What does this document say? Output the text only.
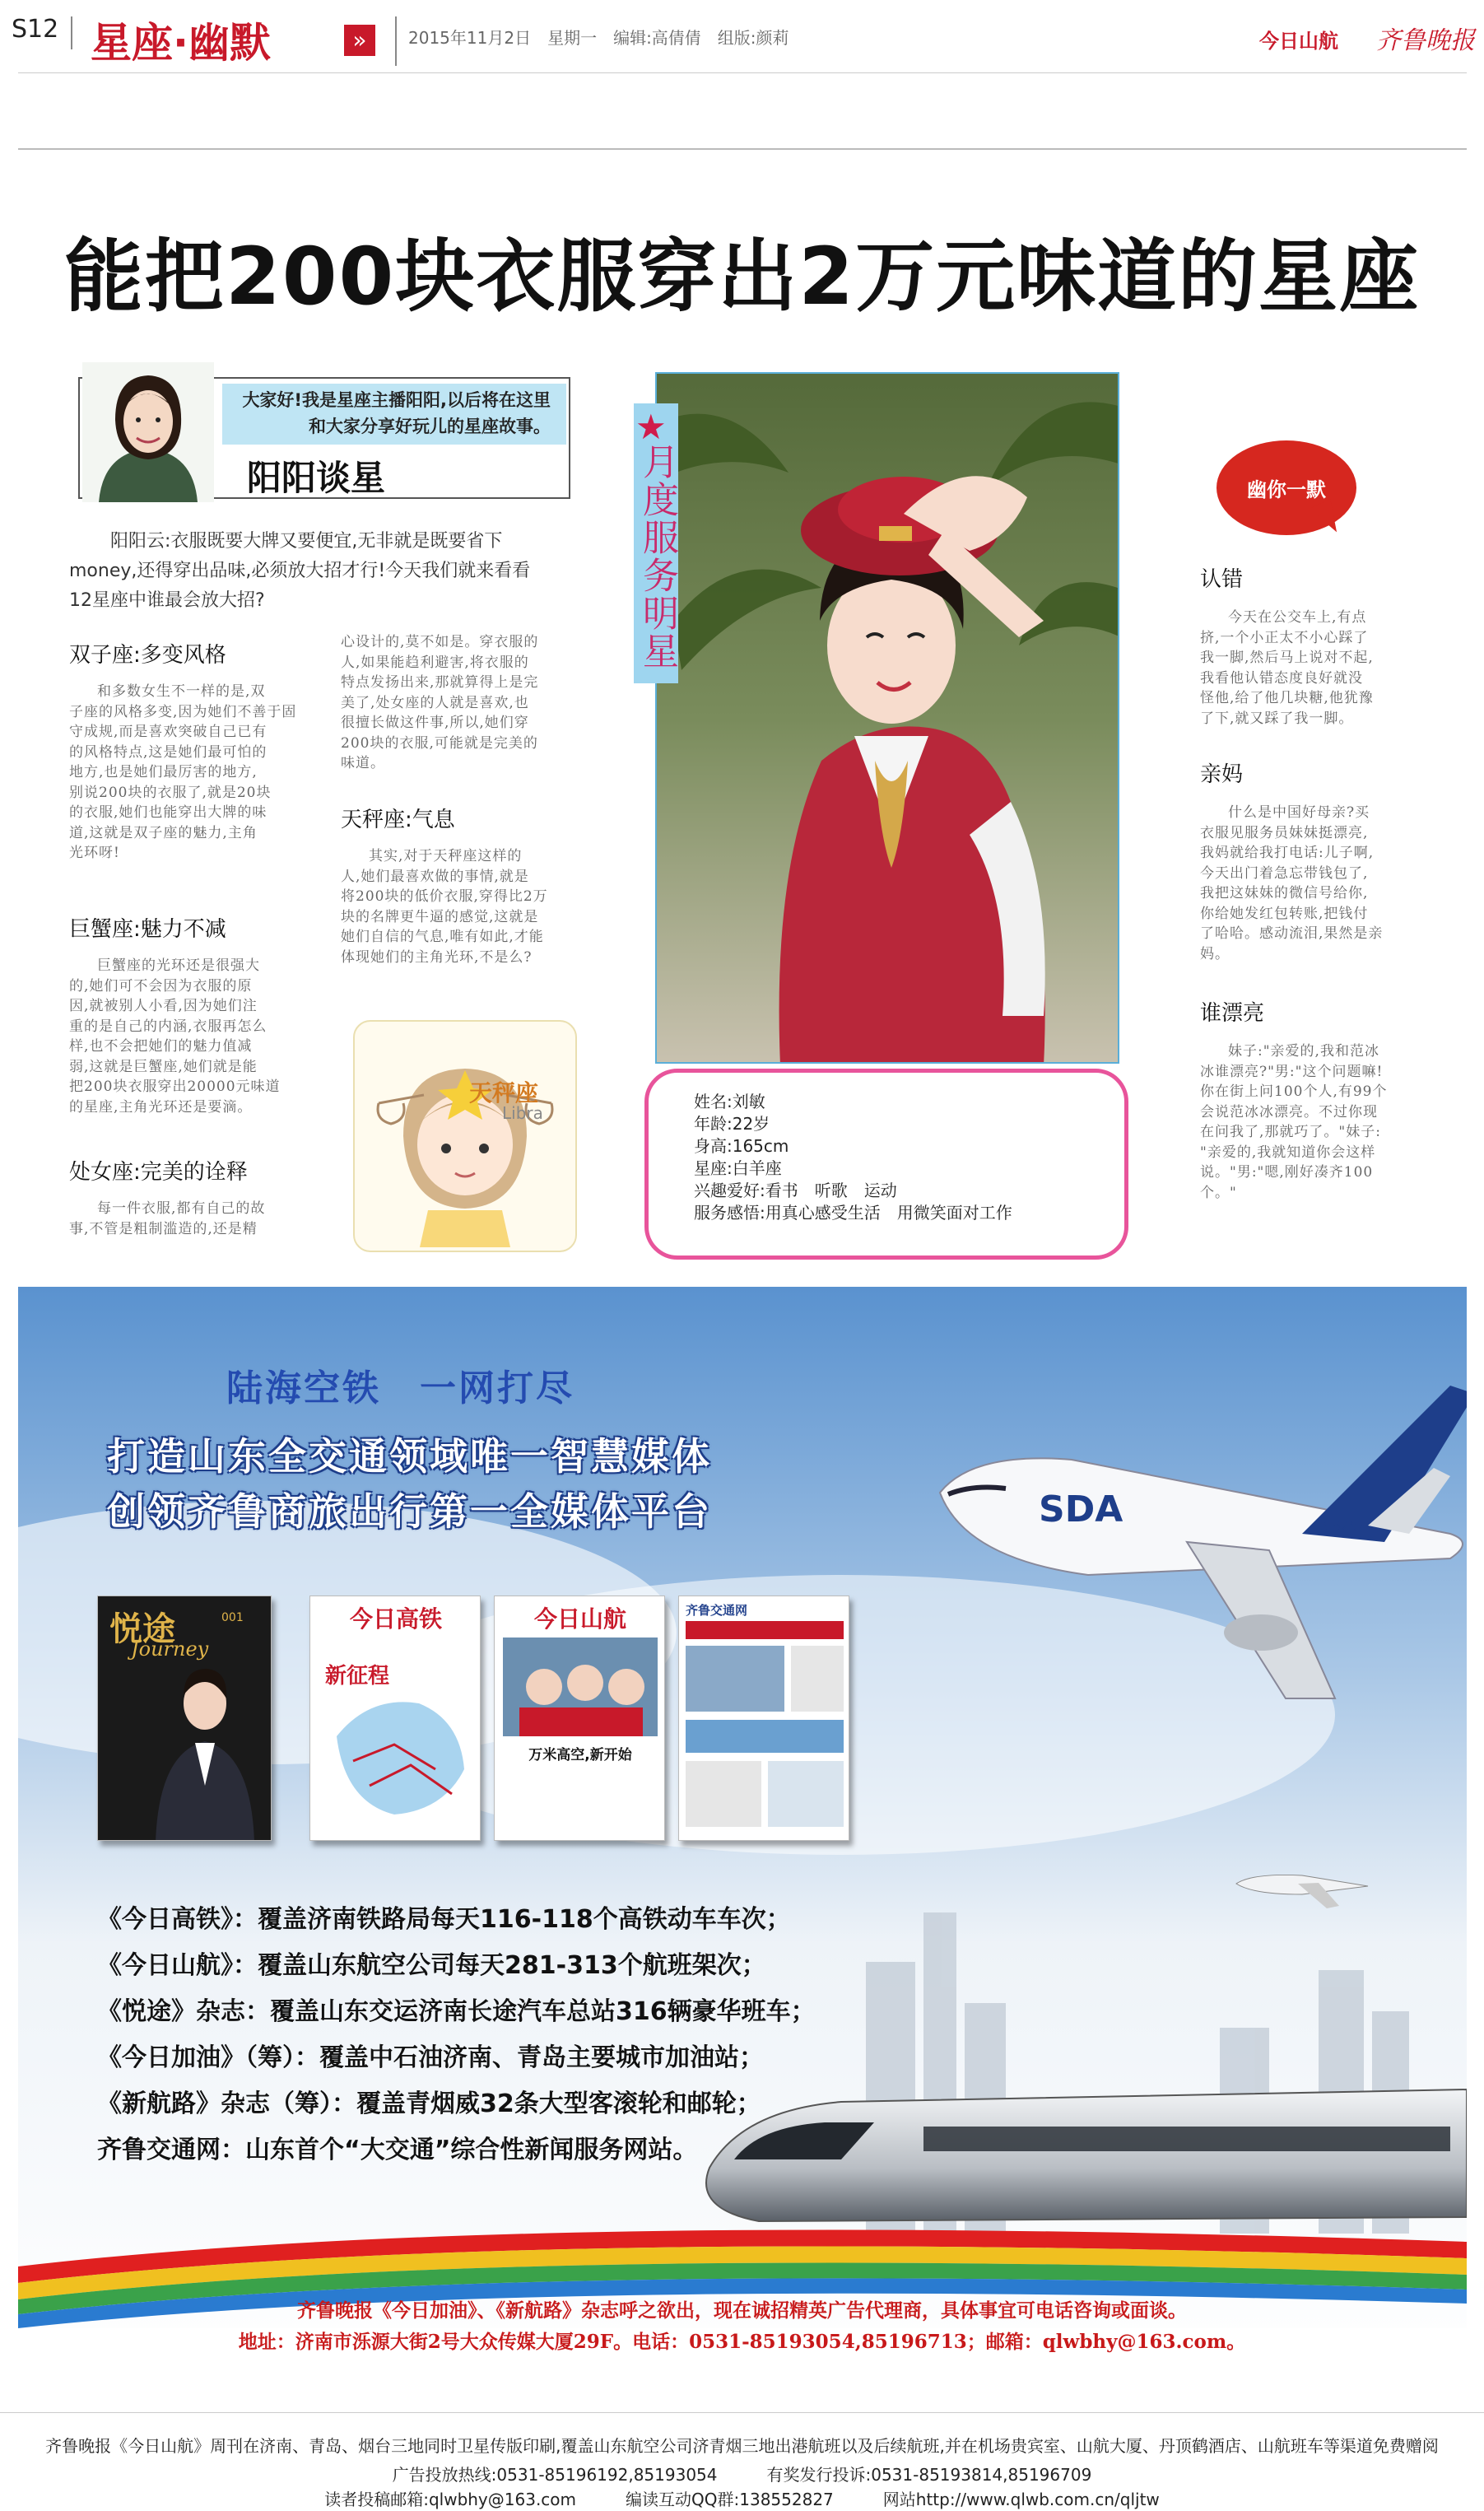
S12 星座·幽默	»	2015年11月2日　星期一　编辑:高倩倩　组版:颜莉	今日山航 齐鲁晚报
能把200块衣服穿出2万元味道的星座
大家好!我是星座主播阳阳,以后将在这里
和大家分享好玩儿的星座故事。
阳阳谈星
阳阳云:衣服既要大牌又要便宜,无非就是既要省下
money,还得穿出品味,必须放大招才行!今天我们就来看看
12星座中谁最会放大招?
双子座:多变风格
和多数女生不一样的是,双
子座的风格多变,因为她们不善于固
守成规,而是喜欢突破自己已有
的风格特点,这是她们最可怕的
地方,也是她们最厉害的地方,
别说200块的衣服了,就是20块
的衣服,她们也能穿出大牌的味
道,这就是双子座的魅力,主角
光环呀!
巨蟹座:魅力不减
巨蟹座的光环还是很强大
的,她们可不会因为衣服的原
因,就被别人小看,因为她们注
重的是自己的内涵,衣服再怎么
样,也不会把她们的魅力值减
弱,这就是巨蟹座,她们就是能
把200块衣服穿出20000元味道
的星座,主角光环还是要滴。
处女座:完美的诠释
每一件衣服,都有自己的故
事,不管是粗制滥造的,还是精
心设计的,莫不如是。穿衣服的
人,如果能趋利避害,将衣服的
特点发扬出来,那就算得上是完
美了,处女座的人就是喜欢,也
很擅长做这件事,所以,她们穿
200块的衣服,可能就是完美的
味道。
天秤座:气息
其实,对于天秤座这样的
人,她们最喜欢做的事情,就是
将200块的低价衣服,穿得比2万
块的名牌更牛逼的感觉,这就是
她们自信的气息,唯有如此,才能
体现她们的主角光环,不是么?
天秤座
Libra
★
月度服务明星
姓名:刘敏
年龄:22岁
身高:165cm
星座:白羊座
兴趣爱好:看书　听歌　运动
服务感悟:用真心感受生活　用微笑面对工作
幽你一默
认错
今天在公交车上,有点
挤,一个小正太不小心踩了
我一脚,然后马上说对不起,
我看他认错态度良好就没
怪他,给了他几块糖,他犹豫
了下,就又踩了我一脚。
亲妈
什么是中国好母亲?买
衣服见服务员妹妹挺漂亮,
我妈就给我打电话:儿子啊,
今天出门着急忘带钱包了,
我把这妹妹的微信号给你,
你给她发红包转账,把钱付
了哈哈。感动流泪,果然是亲
妈。
谁漂亮
妹子:"亲爱的,我和范冰
冰谁漂亮?"男:"这个问题嘛!
你在街上问100个人,有99个
会说范冰冰漂亮。不过你现
在问我了,那就巧了。"妹子:
"亲爱的,我就知道你会这样
说。"男:"嗯,刚好凑齐100
个。"
SDA	B-5267
陆海空铁　一网打尽
打造山东全交通领域唯一智慧媒体
创领齐鲁商旅出行第一全媒体平台
悦途
Journey
001	今日高铁
新征程
今日山航
万米高空,新开始
齐鲁交通网
《今日高铁》：覆盖济南铁路局每天116-118个高铁动车车次；
《今日山航》：覆盖山东航空公司每天281-313个航班架次；
《悦途》杂志：覆盖山东交运济南长途汽车总站316辆豪华班车；
《今日加油》（筹）：覆盖中石油济南、青岛主要城市加油站；
《新航路》杂志（筹）：覆盖青烟威32条大型客滚轮和邮轮；
齐鲁交通网：山东首个“大交通”综合性新闻服务网站。
齐鲁晚报《今日加油》、《新航路》杂志呼之欲出，现在诚招精英广告代理商，具体事宜可电话咨询或面谈。
地址：济南市泺源大街2号大众传媒大厦29F。电话：0531-85193054,85196713；邮箱：qlwbhy@163.com。
齐鲁晚报《今日山航》周刊在济南、青岛、烟台三地同时卫星传版印刷,覆盖山东航空公司济青烟三地出港航班以及后续航班,并在机场贵宾室、山航大厦、丹顶鹤酒店、山航班车等渠道免费赠阅
广告投放热线:0531-85196192,85193054　　　有奖发行投诉:0531-85193814,85196709
读者投稿邮箱:qlwbhy@163.com　　　编读互动QQ群:138552827　　　网站http://www.qlwb.com.cn/qljtw
